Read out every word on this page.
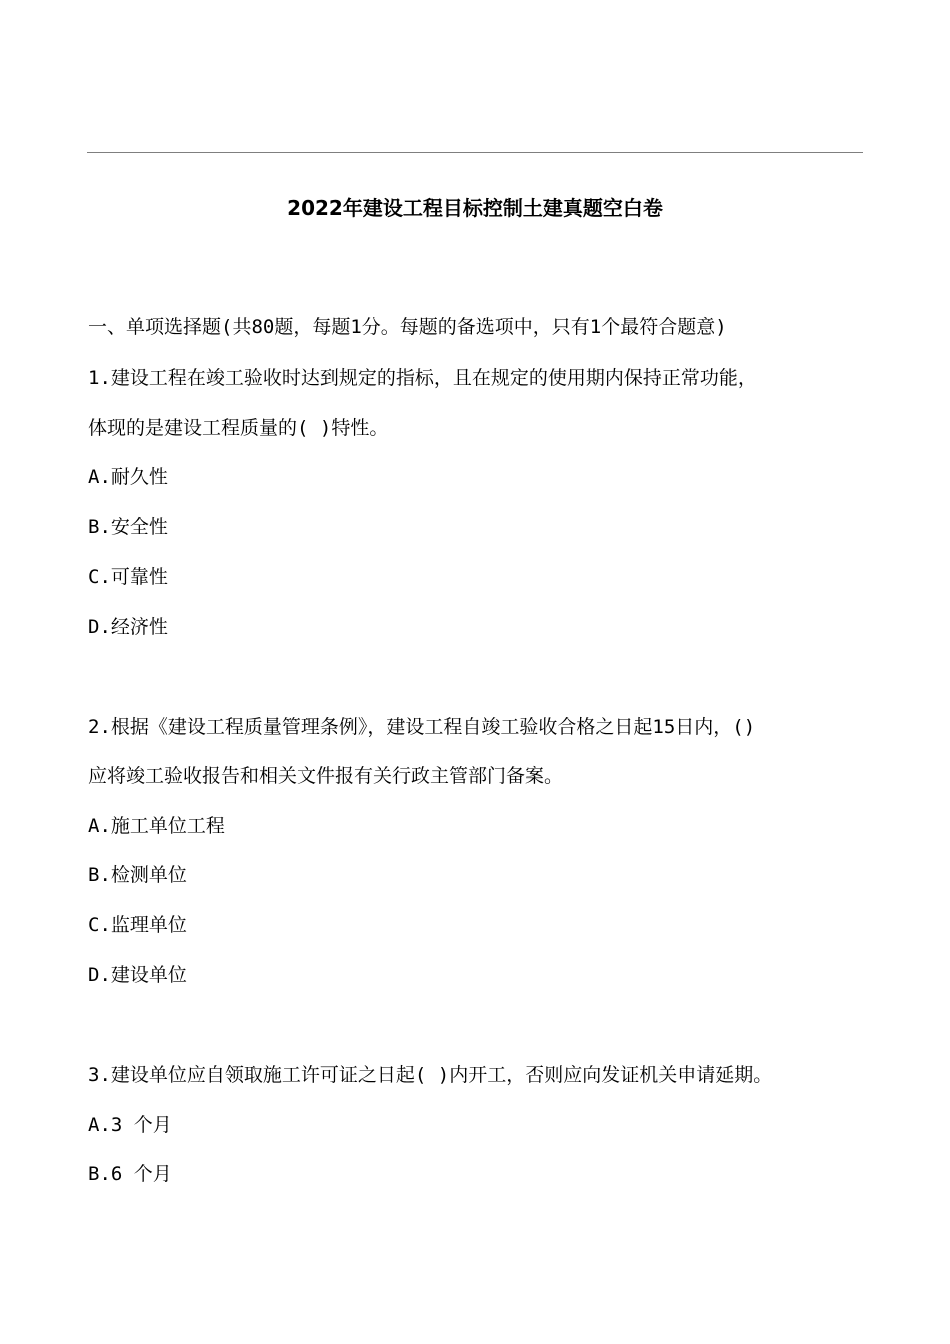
2022年建设工程目标控制土建真题空白卷
一、单项选择题(共80题，每题1分。每题的备选项中，只有1个最符合题意)
1.建设工程在竣工验收时达到规定的指标，且在规定的使用期内保持正常功能，
体现的是建设工程质量的( )特性。
A.耐久性
B.安全性
C.可靠性
D.经济性
2.根据《建设工程质量管理条例》，建设工程自竣工验收合格之日起15日内，()
应将竣工验收报告和相关文件报有关行政主管部门备案。
A.施工单位工程
B.检测单位
C.监理单位
D.建设单位
3.建设单位应自领取施工许可证之日起( )内开工，否则应向发证机关申请延期。
A.3 个月
B.6 个月
